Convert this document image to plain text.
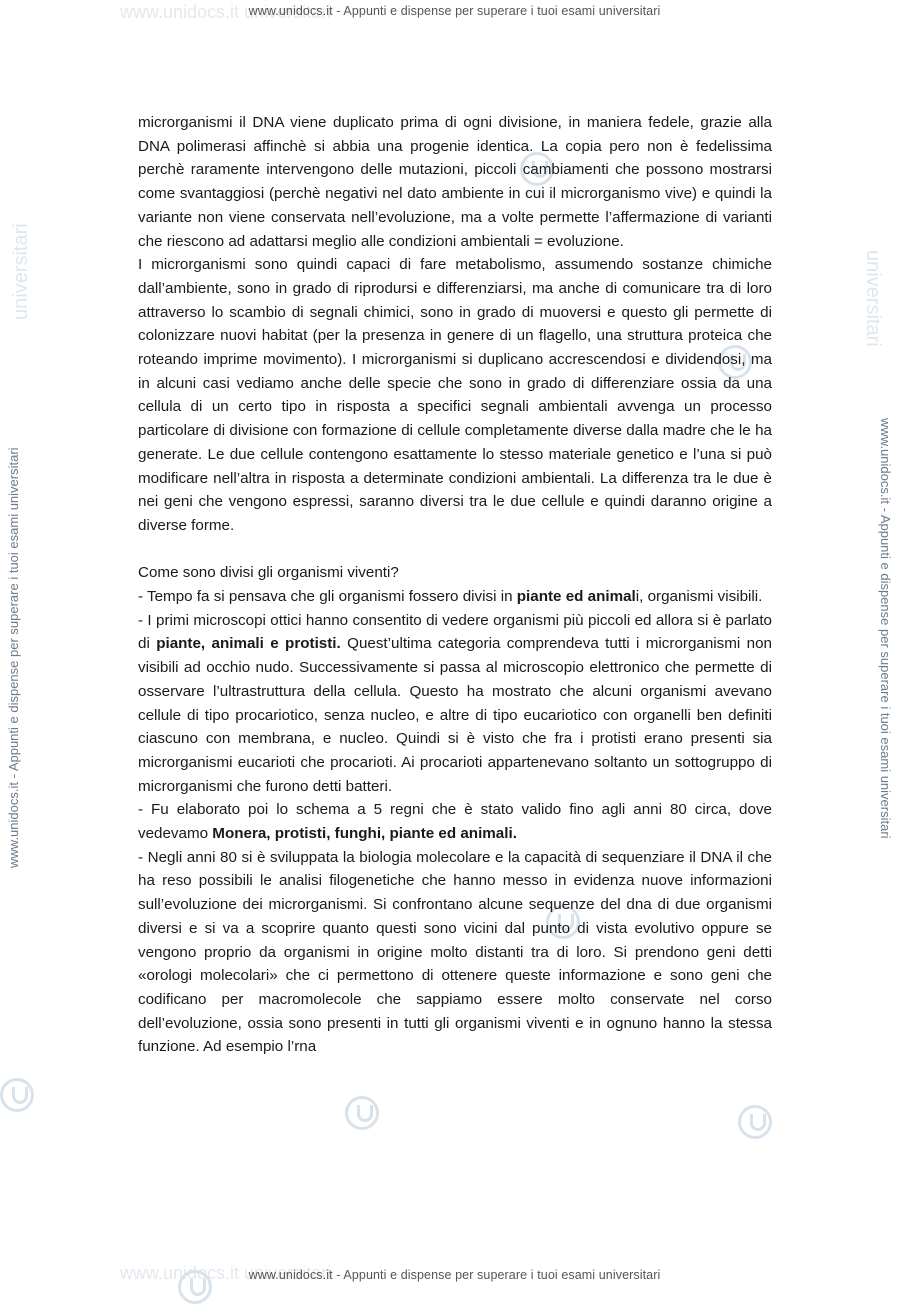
www.unidocs.it universitari
www.unidocs.it universitari
universitari	universitari
www.unidocs.it - Appunti e dispense per superare i tuoi esami universitari
www.unidocs.it - Appunti e dispense per superare i tuoi esami universitari
www.unidocs.it - Appunti e dispense per superare i tuoi esami universitari	www.unidocs.it - Appunti e dispense per superare i tuoi esami universitari

microrganismi il DNA viene duplicato prima di ogni divisione, in maniera fedele, grazie alla DNA polimerasi affinchè si abbia una progenie identica. La copia pero non è fedelissima perchè raramente intervengono delle mutazioni, piccoli cambiamenti che possono mostrarsi come svantaggiosi (perchè negativi nel dato ambiente in cui il microrganismo vive) e quindi la variante non viene conservata nell’evoluzione, ma a volte permette l’affermazione di varianti che riescono ad adattarsi meglio alle condizioni ambientali = evoluzione.

I microrganismi sono quindi capaci di fare metabolismo, assumendo sostanze chimiche dall’ambiente, sono in grado di riprodursi e differenziarsi, ma anche di comunicare tra di loro attraverso lo scambio di segnali chimici, sono in grado di muoversi e questo gli permette di colonizzare nuovi habitat (per la presenza in genere di un flagello, una struttura proteica che roteando imprime movimento). I microrganismi si duplicano accrescendosi e dividendosi, ma in alcuni casi vediamo anche delle specie che sono in grado di differenziare ossia da una cellula di un certo tipo in risposta a specifici segnali ambientali avvenga un processo particolare di divisione con formazione di cellule completamente diverse dalla madre che le ha generate. Le due cellule contengono esattamente lo stesso materiale genetico e l’una si può modificare nell’altra in risposta a determinate condizioni ambientali. La differenza tra le due è nei geni che vengono espressi, saranno diversi tra le due cellule e quindi daranno origine a diverse forme.

Come sono divisi gli organismi viventi?

- Tempo fa si pensava che gli organismi fossero divisi in piante ed animali, organismi visibili.

- I primi microscopi ottici hanno consentito di vedere organismi più piccoli ed allora si è parlato di piante, animali e protisti. Quest’ultima categoria comprendeva tutti i microrganismi non visibili ad occhio nudo. Successivamente si passa al microscopio elettronico che permette di osservare l’ultrastruttura della cellula. Questo ha mostrato che alcuni organismi avevano cellule di tipo procariotico, senza nucleo, e altre di tipo eucariotico con organelli ben definiti ciascuno con membrana, e nucleo. Quindi si è visto che fra i protisti erano presenti sia microrganismi eucarioti che procarioti. Ai procarioti appartenevano soltanto un sottogruppo di microrganismi che furono detti batteri.

- Fu elaborato poi lo schema a 5 regni che è stato valido fino agli anni 80 circa, dove vedevamo Monera, protisti, funghi, piante ed animali.

- Negli anni 80 si è sviluppata la biologia molecolare e la capacità di sequenziare il DNA il che ha reso possibili le analisi filogenetiche che hanno messo in evidenza nuove informazioni sull’evoluzione dei microrganismi. Si confrontano alcune sequenze del dna di due organismi diversi e si va a scoprire quanto questi sono vicini dal punto di vista evolutivo oppure se vengono proprio da organismi in origine molto distanti tra di loro. Si prendono geni detti «orologi molecolari» che ci permettono di ottenere queste informazione e sono geni che codificano per macromolecole che sappiamo essere molto conservate nel corso dell’evoluzione, ossia sono presenti in tutti gli organismi viventi e in ognuno hanno la stessa funzione. Ad esempio l’rna
